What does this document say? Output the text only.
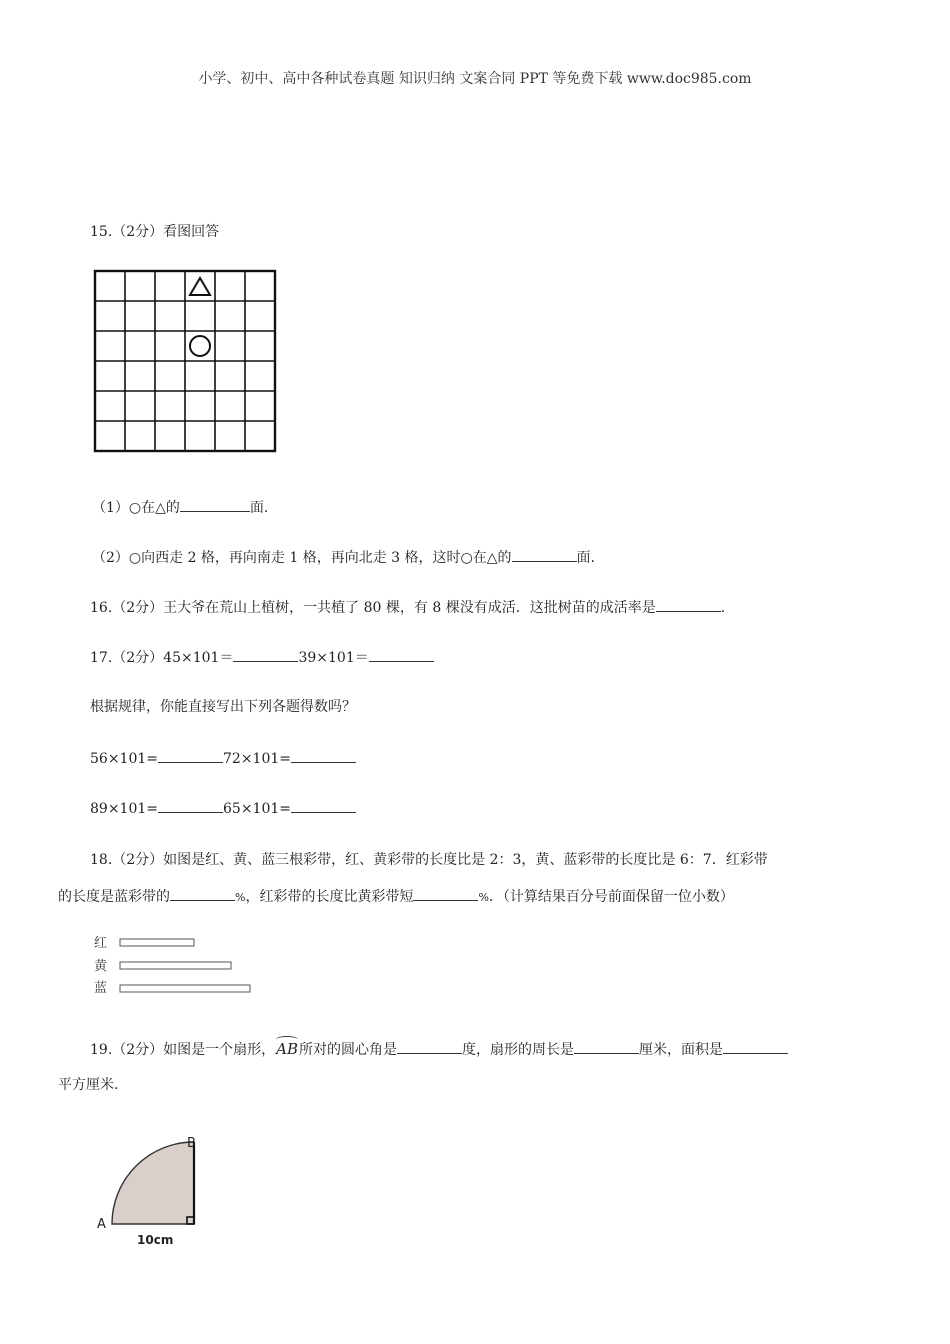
小学、初中、高中各种试卷真题 知识归纳 文案合同 PPT 等免费下载 www.doc985.com
15.（2分）看图回答
（1）○在△的	面.
（2）○向西走 2 格，再向南走 1 格，再向北走 3 格，这时○在△的	面.
16.（2分）王大爷在荒山上植树，一共植了 80 棵，有 8 棵没有成活．这批树苗的成活率是	.
17.（2分）45×101＝	39×101＝
根据规律，你能直接写出下列各题得数吗？
56×101=	72×101=
89×101=	65×101=
18.（2分）如图是红、黄、蓝三根彩带，红、黄彩带的长度比是 2：3，黄、蓝彩带的长度比是 6：7．红彩带
的长度是蓝彩带的	%，红彩带的长度比黄彩带短	%．（计算结果百分号前面保留一位小数）
红
黄
蓝
19.（2分）如图是一个扇形，AB所对的圆心角是	度，扇形的周长是	厘米，面积是
平方厘米.
B
A
10cm
